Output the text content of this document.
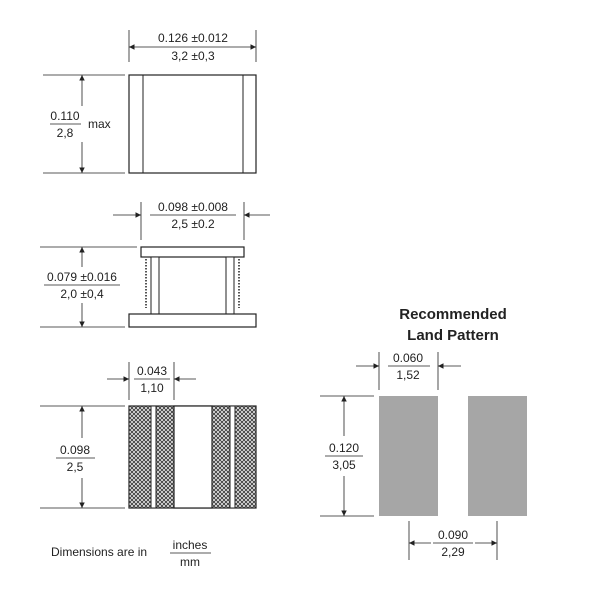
0.126 ±0.012
3,2 ±0,3
0.110
2,8
max
0.098 ±0.008
2,5 ±0.2
0.079 ±0.016
2,0 ±0,4
0.043
1,10
0.098
2,5
Recommended
Land Pattern
0.060
1,52
0.120
3,05
0.090
2,29
Dimensions are in inches
mm
